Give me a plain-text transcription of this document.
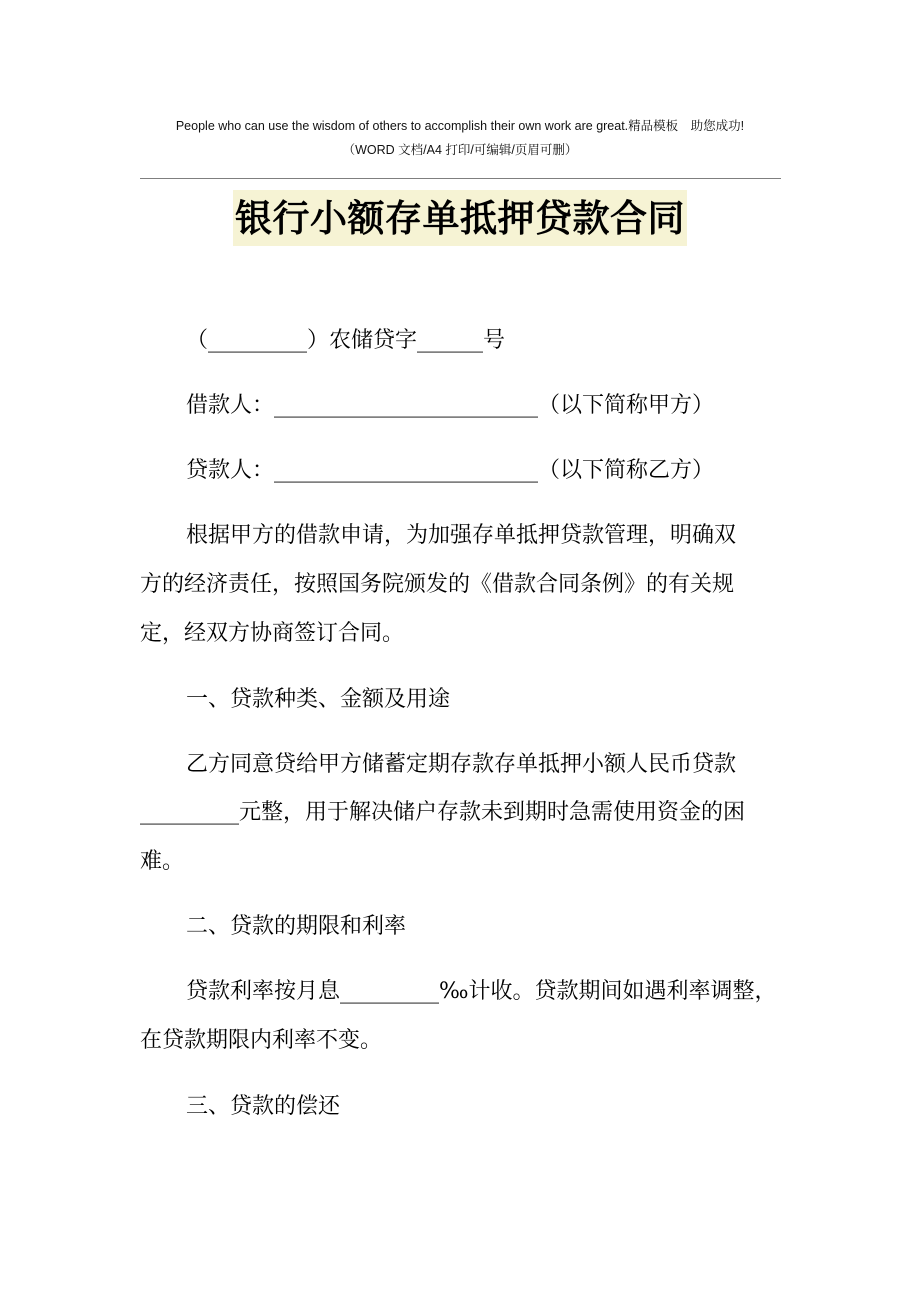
People who can use the wisdom of others to accomplish their own work are great.精品模板　助您成功!
（WORD 文档/A4 打印/可编辑/页眉可删）
银行小额存单抵押贷款合同
（_________）农储贷字______号
借款人：________________________（以下简称甲方）
贷款人：________________________（以下简称乙方）
根据甲方的借款申请，为加强存单抵押贷款管理，明确双
方的经济责任，按照国务院颁发的《借款合同条例》的有关规
定，经双方协商签订合同。
一、贷款种类、金额及用途
乙方同意贷给甲方储蓄定期存款存单抵押小额人民币贷款
_________元整，用于解决储户存款未到期时急需使用资金的困
难。
二、贷款的期限和利率
贷款利率按月息_________‰计收。贷款期间如遇利率调整，
在贷款期限内利率不变。
三、贷款的偿还
